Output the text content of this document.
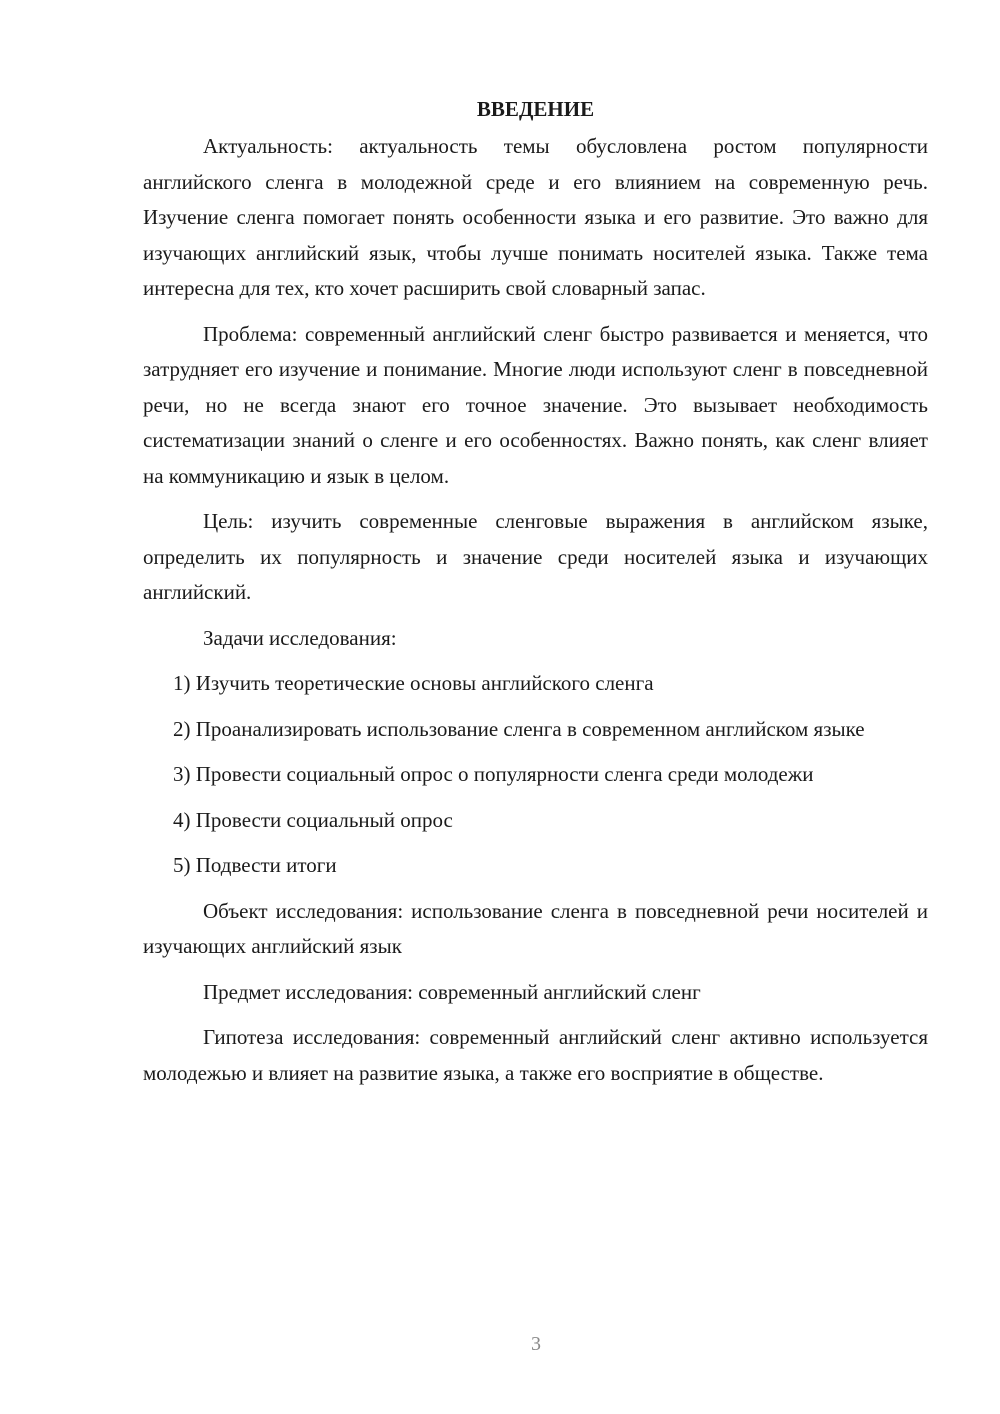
ВВЕДЕНИЕ

Актуальность: актуальность темы обусловлена ростом популярности английского сленга в молодежной среде и его влиянием на современную речь. Изучение сленга помогает понять особенности языка и его развитие. Это важно для изучающих английский язык, чтобы лучше понимать носителей языка. Также тема интересна для тех, кто хочет расширить свой словарный запас.

Проблема: современный английский сленг быстро развивается и меняется, что затрудняет его изучение и понимание. Многие люди используют сленг в повседневной речи, но не всегда знают его точное значение. Это вызывает необходимость систематизации знаний о сленге и его особенностях. Важно понять, как сленг влияет на коммуникацию и язык в целом.

Цель: изучить современные сленговые выражения в английском языке, определить их популярность и значение среди носителей языка и изучающих английский.

Задачи исследования:

1) Изучить теоретические основы английского сленга

2) Проанализировать использование сленга в современном английском языке

3) Провести социальный опрос о популярности сленга среди молодежи

4) Провести социальный опрос

5) Подвести итоги

Объект исследования: использование сленга в повседневной речи носителей и изучающих английский язык

Предмет исследования: современный английский сленг

Гипотеза исследования: современный английский сленг активно используется молодежью и влияет на развитие языка, а также его восприятие в обществе.

3
